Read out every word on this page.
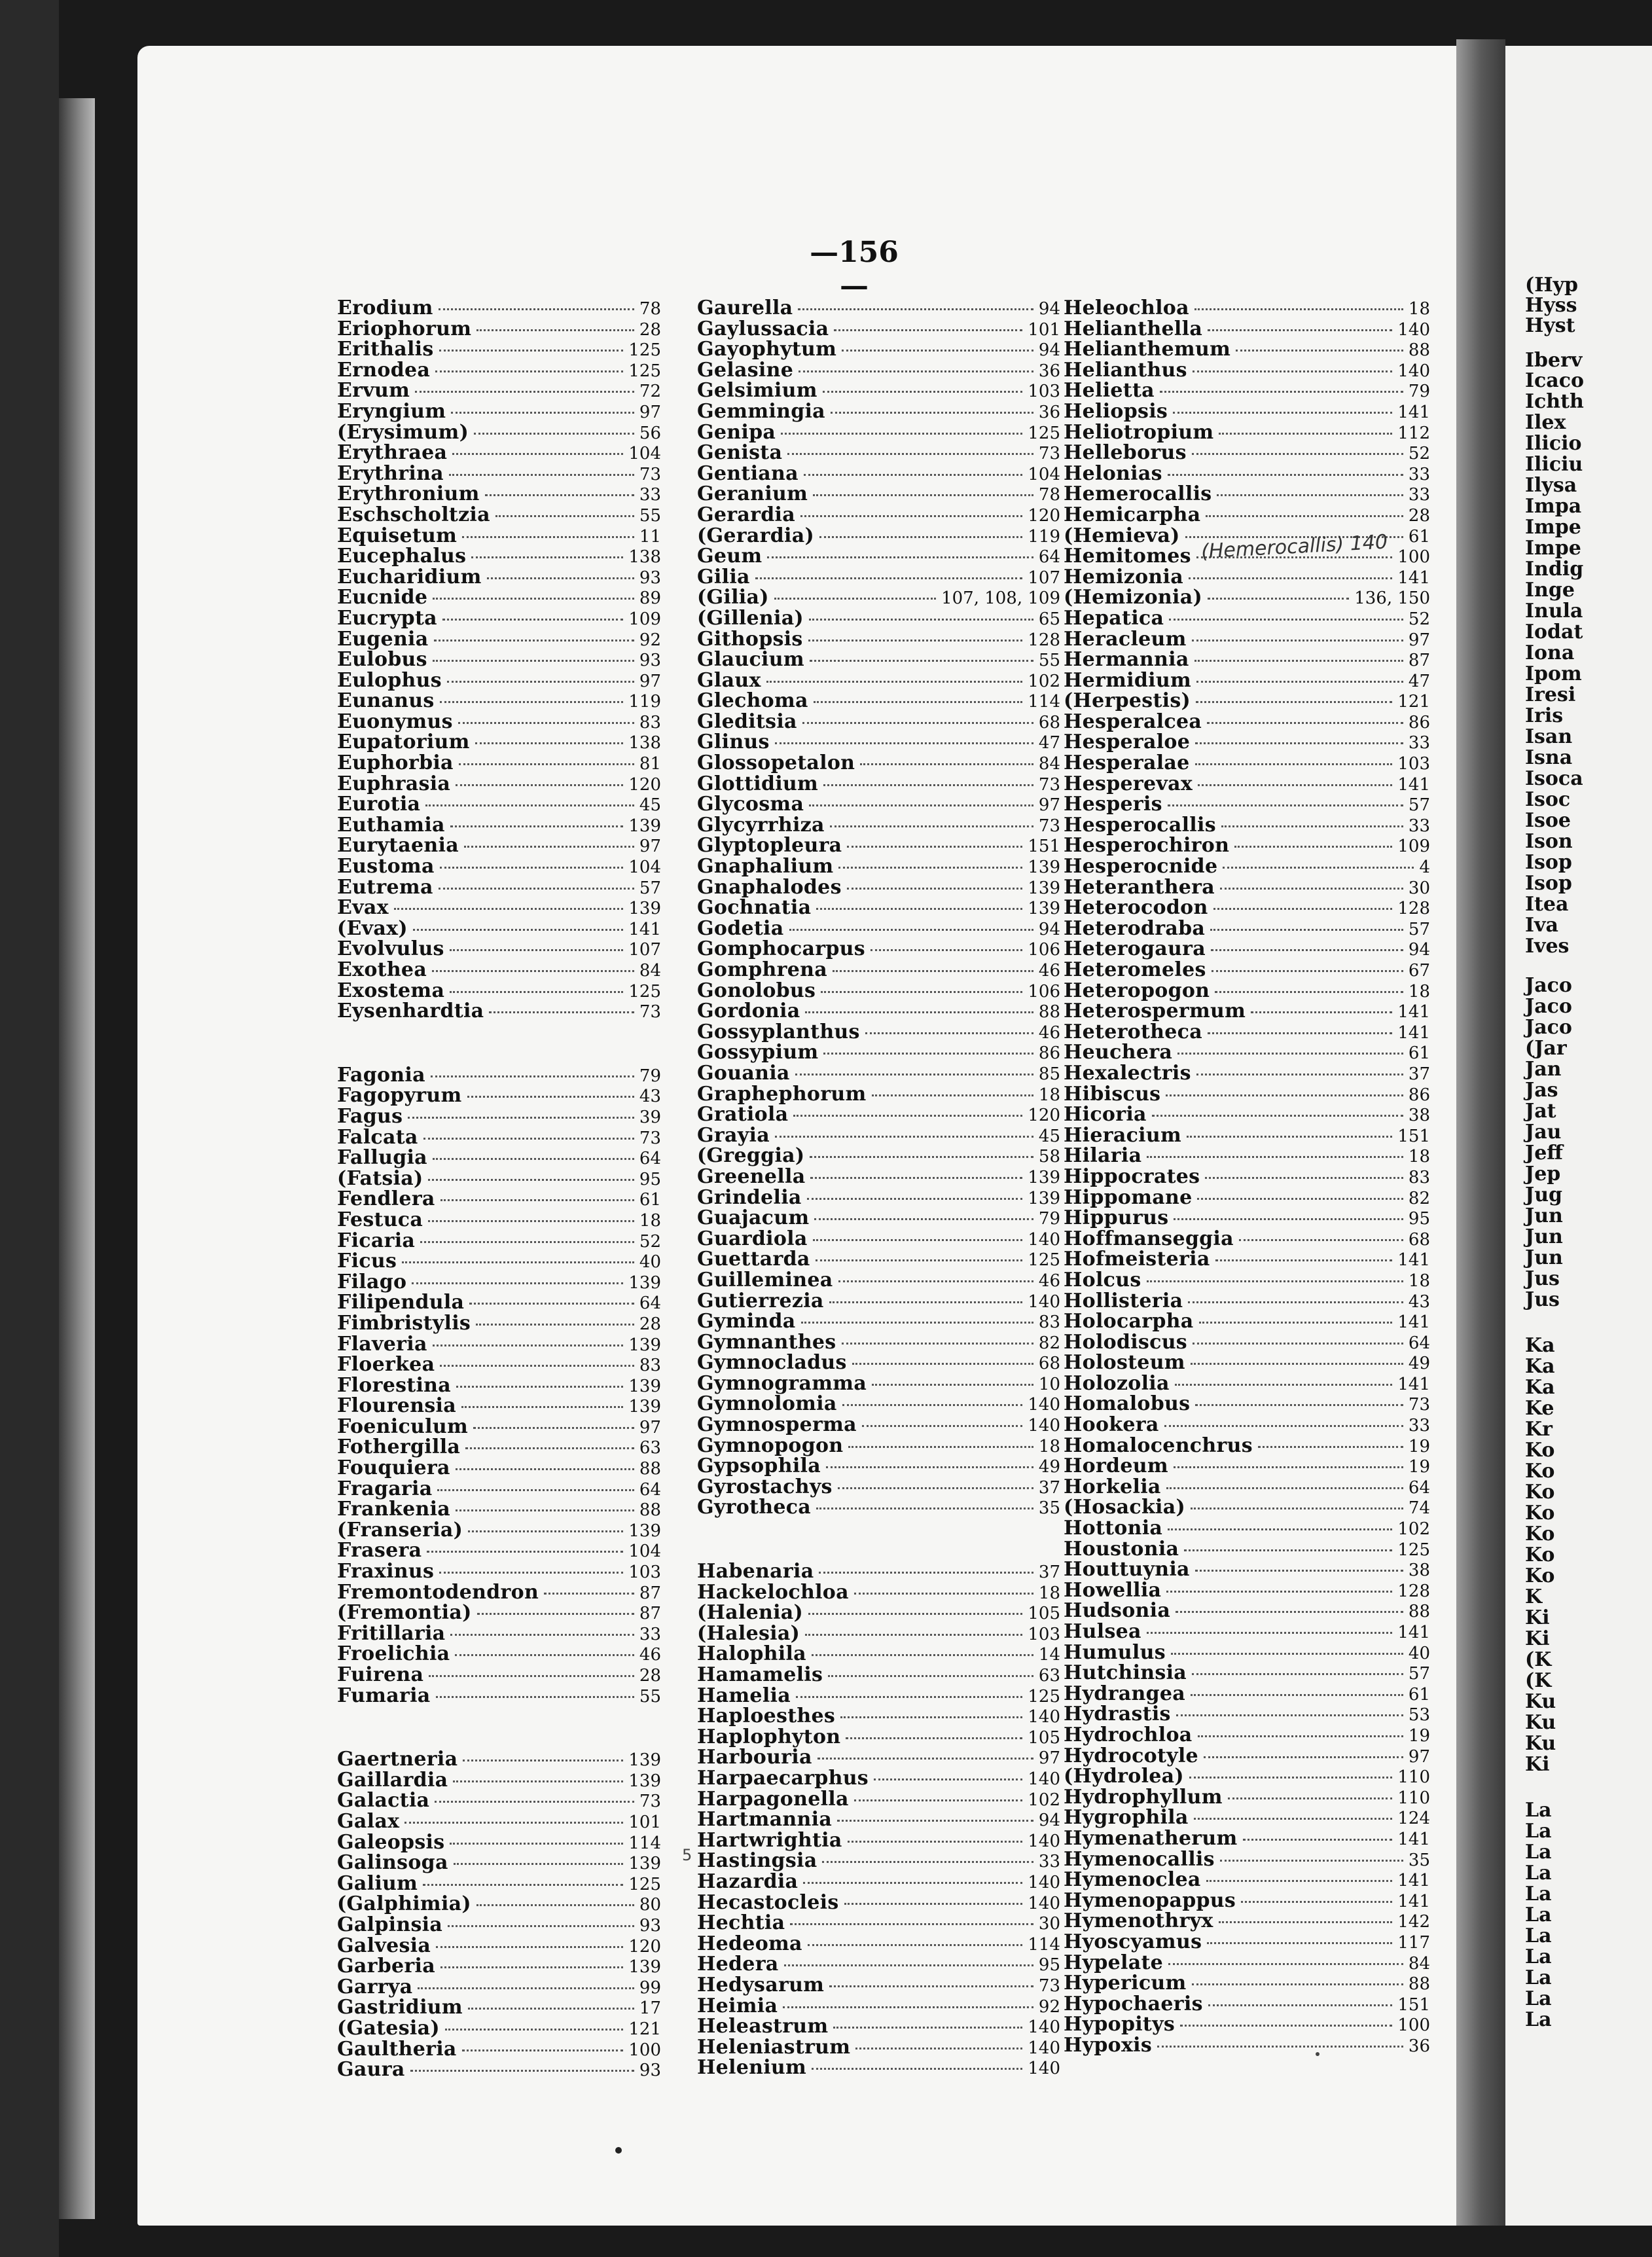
—156—
Erodium	78
Eriophorum	28
Erithalis	125
Ernodea	125
Ervum	72
Eryngium	97
(Erysimum)	56
Erythraea	104
Erythrina	73
Erythronium	33
Eschscholtzia	55
Equisetum	11
Eucephalus	138
Eucharidium	93
Eucnide	89
Eucrypta	109
Eugenia	92
Eulobus	93
Eulophus	97
Eunanus	119
Euonymus	83
Eupatorium	138
Euphorbia	81
Euphrasia	120
Eurotia	45
Euthamia	139
Eurytaenia	97
Eustoma	104
Eutrema	57
Evax	139
(Evax)	141
Evolvulus	107
Exothea	84
Exostema	125
Eysenhardtia	73
Fagonia	79
Fagopyrum	43
Fagus	39
Falcata	73
Fallugia	64
(Fatsia)	95
Fendlera	61
Festuca	18
Ficaria	52
Ficus	40
Filago	139
Filipendula	64
Fimbristylis	28
Flaveria	139
Floerkea	83
Florestina	139
Flourensia	139
Foeniculum	97
Fothergilla	63
Fouquiera	88
Fragaria	64
Frankenia	88
(Franseria)	139
Frasera	104
Fraxinus	103
Fremontodendron	87
(Fremontia)	87
Fritillaria	33
Froelichia	46
Fuirena	28
Fumaria	55
Gaertneria	139
Gaillardia	139
Galactia	73
Galax	101
Galeopsis	114
Galinsoga	139
Galium	125
(Galphimia)	80
Galpinsia	93
Galvesia	120
Garberia	139
Garrya	99
Gastridium	17
(Gatesia)	121
Gaultheria	100
Gaura	93
Gaurella	94
Gaylussacia	101
Gayophytum	94
Gelasine	36
Gelsimium	103
Gemmingia	36
Genipa	125
Genista	73
Gentiana	104
Geranium	78
Gerardia	120
(Gerardia)	119
Geum	64
Gilia	107
(Gilia)	107, 108, 109
(Gillenia)	65
Githopsis	128
Glaucium	55
Glaux	102
Glechoma	114
Gleditsia	68
Glinus	47
Glossopetalon	84
Glottidium	73
Glycosma	97
Glycyrrhiza	73
Glyptopleura	151
Gnaphalium	139
Gnaphalodes	139
Gochnatia	139
Godetia	94
Gomphocarpus	106
Gomphrena	46
Gonolobus	106
Gordonia	88
Gossyplanthus	46
Gossypium	86
Gouania	85
Graphephorum	18
Gratiola	120
Grayia	45
(Greggia)	58
Greenella	139
Grindelia	139
Guajacum	79
Guardiola	140
Guettarda	125
Guilleminea	46
Gutierrezia	140
Gyminda	83
Gymnanthes	82
Gymnocladus	68
Gymnogramma	10
Gymnolomia	140
Gymnosperma	140
Gymnopogon	18
Gypsophila	49
Gyrostachys	37
Gyrotheca	35
Habenaria	37
Hackelochloa	18
(Halenia)	105
(Halesia)	103
Halophila	14
Hamamelis	63
Hamelia	125
Haploesthes	140
Haplophyton	105
Harbouria	97
Harpaecarphus	140
Harpagonella	102
Hartmannia	94
Hartwrightia	140
Hastingsia	33
Hazardia	140
Hecastocleis	140
Hechtia	30
Hedeoma	114
Hedera	95
Hedysarum	73
Heimia	92
Heleastrum	140
Heleniastrum	140
Helenium	140
Heleochloa	18
Helianthella	140
Helianthemum	88
Helianthus	140
Helietta	79
Heliopsis	141
Heliotropium	112
Helleborus	52
Helonias	33
Hemerocallis	33
Hemicarpha	28
(Hemieva)	61
Hemitomes	100
Hemizonia	141
(Hemizonia)	136, 150
Hepatica	52
Heracleum	97
Hermannia	87
Hermidium	47
(Herpestis)	121
Hesperalcea	86
Hesperaloe	33
Hesperalae	103
Hesperevax	141
Hesperis	57
Hesperocallis	33
Hesperochiron	109
Hesperocnide	4
Heteranthera	30
Heterocodon	128
Heterodraba	57
Heterogaura	94
Heteromeles	67
Heteropogon	18
Heterospermum	141
Heterotheca	141
Heuchera	61
Hexalectris	37
Hibiscus	86
Hicoria	38
Hieracium	151
Hilaria	18
Hippocrates	83
Hippomane	82
Hippurus	95
Hoffmanseggia	68
Hofmeisteria	141
Holcus	18
Hollisteria	43
Holocarpha	141
Holodiscus	64
Holosteum	49
Holozolia	141
Homalobus	73
Hookera	33
Homalocenchrus	19
Hordeum	19
Horkelia	64
(Hosackia)	74
Hottonia	102
Houstonia	125
Houttuynia	38
Howellia	128
Hudsonia	88
Hulsea	141
Humulus	40
Hutchinsia	57
Hydrangea	61
Hydrastis	53
Hydrochloa	19
Hydrocotyle	97
(Hydrolea)	110
Hydrophyllum	110
Hygrophila	124
Hymenatherum	141
Hymenocallis	35
Hymenoclea	141
Hymenopappus	141
Hymenothryx	142
Hyoscyamus	117
Hypelate	84
Hypericum	88
Hypochaeris	151
Hypopitys	100
Hypoxis	36
(Hemerocallis) 140
5
(Hyp
Hyss
Hyst
Iberv
Icaco
Ichth
Ilex
Ilicio
Iliciu
Ilysa
Impa
Impe
Impe
Indig
Inge
Inula
Iodat
Iona
Ipom
Iresi
Iris
Isan
Isna
Isoca
Isoc
Isoe
Ison
Isop
Isop
Itea
Iva
Ives
Jaco
Jaco
Jaco
(Jar
Jan
Jas
Jat
Jau
Jeff
Jep
Jug
Jun
Jun
Jun
Jus
Jus
Ka
Ka
Ka
Ke
Kr
Ko
Ko
Ko
Ko
Ko
Ko
Ko
K
Ki
Ki
(K
(K
Ku
Ku
Ku
Ki
La
La
La
La
La
La
La
La
La
La
La
